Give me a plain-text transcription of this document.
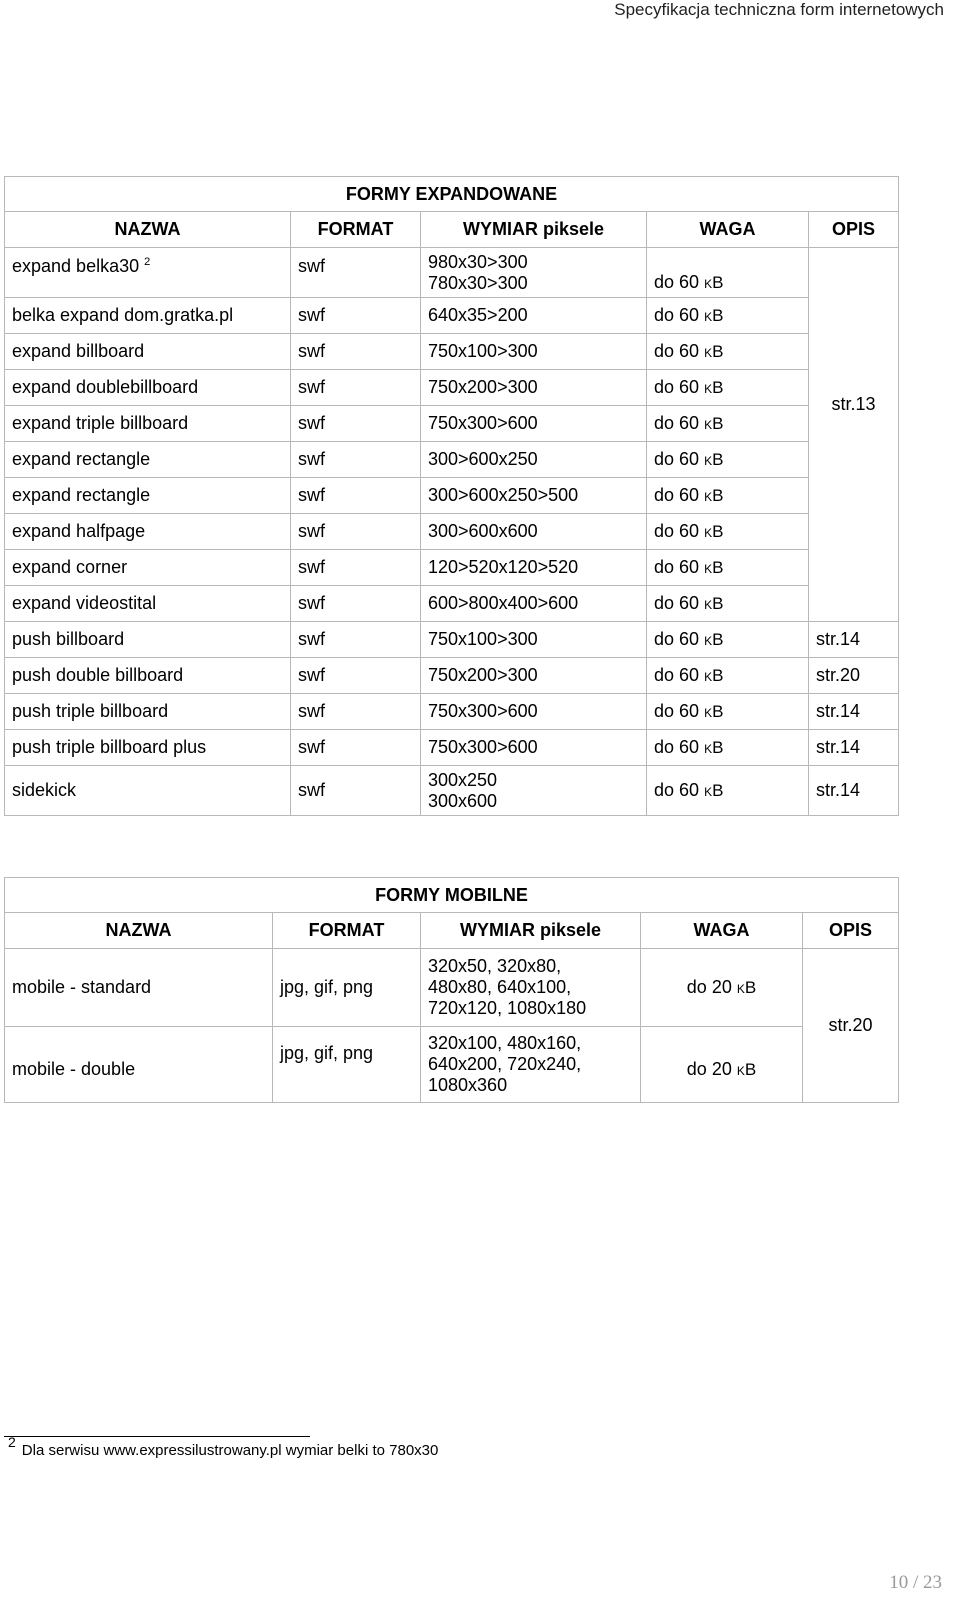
Specyfikacja techniczna form internetowych
FORMY EXPANDOWANE				
NAZWA	FORMAT	WYMIAR piksele	WAGA	OPIS
expand belka30 $^2$	swf	980x30>300
780x30>300	do 60 kB	str.13
belka expand dom.gratka.pl	swf	640x35>200	do 60 kB	
expand billboard	swf	750x100>300	do 60 kB	
expand doublebillboard	swf	750x200>300	do 60 kB	
expand triple billboard	swf	750x300>600	do 60 kB	
expand rectangle	swf	300>600x250	do 60 kB	
expand rectangle	swf	300>600x250>500	do 60 kB	
expand halfpage	swf	300>600x600	do 60 kB	
expand corner	swf	120>520x120>520	do 60 kB	
expand videostital	swf	600>800x400>600	do 60 kB	
push billboard	swf	750x100>300	do 60 kB	str.14
push double billboard	swf	750x200>300	do 60 kB	str.20
push triple billboard	swf	750x300>600	do 60 kB	str.14
push triple billboard plus	swf	750x300>600	do 60 kB	str.14
sidekick	swf	300x250
300x600	do 60 kB	str.14
FORMY MOBILNE				
NAZWA	FORMAT	WYMIAR piksele	WAGA	OPIS
mobile - standard	jpg, gif, png	320x50, 320x80,
480x80, 640x100,
720x120, 1080x180	do 20 kB	str.20
mobile - double	jpg, gif, png	320x100, 480x160,
640x200, 720x240,
1080x360	do 20 kB	
2 Dla serwisu www.expressilustrowany.pl wymiar belki to 780x30
10 / 23
